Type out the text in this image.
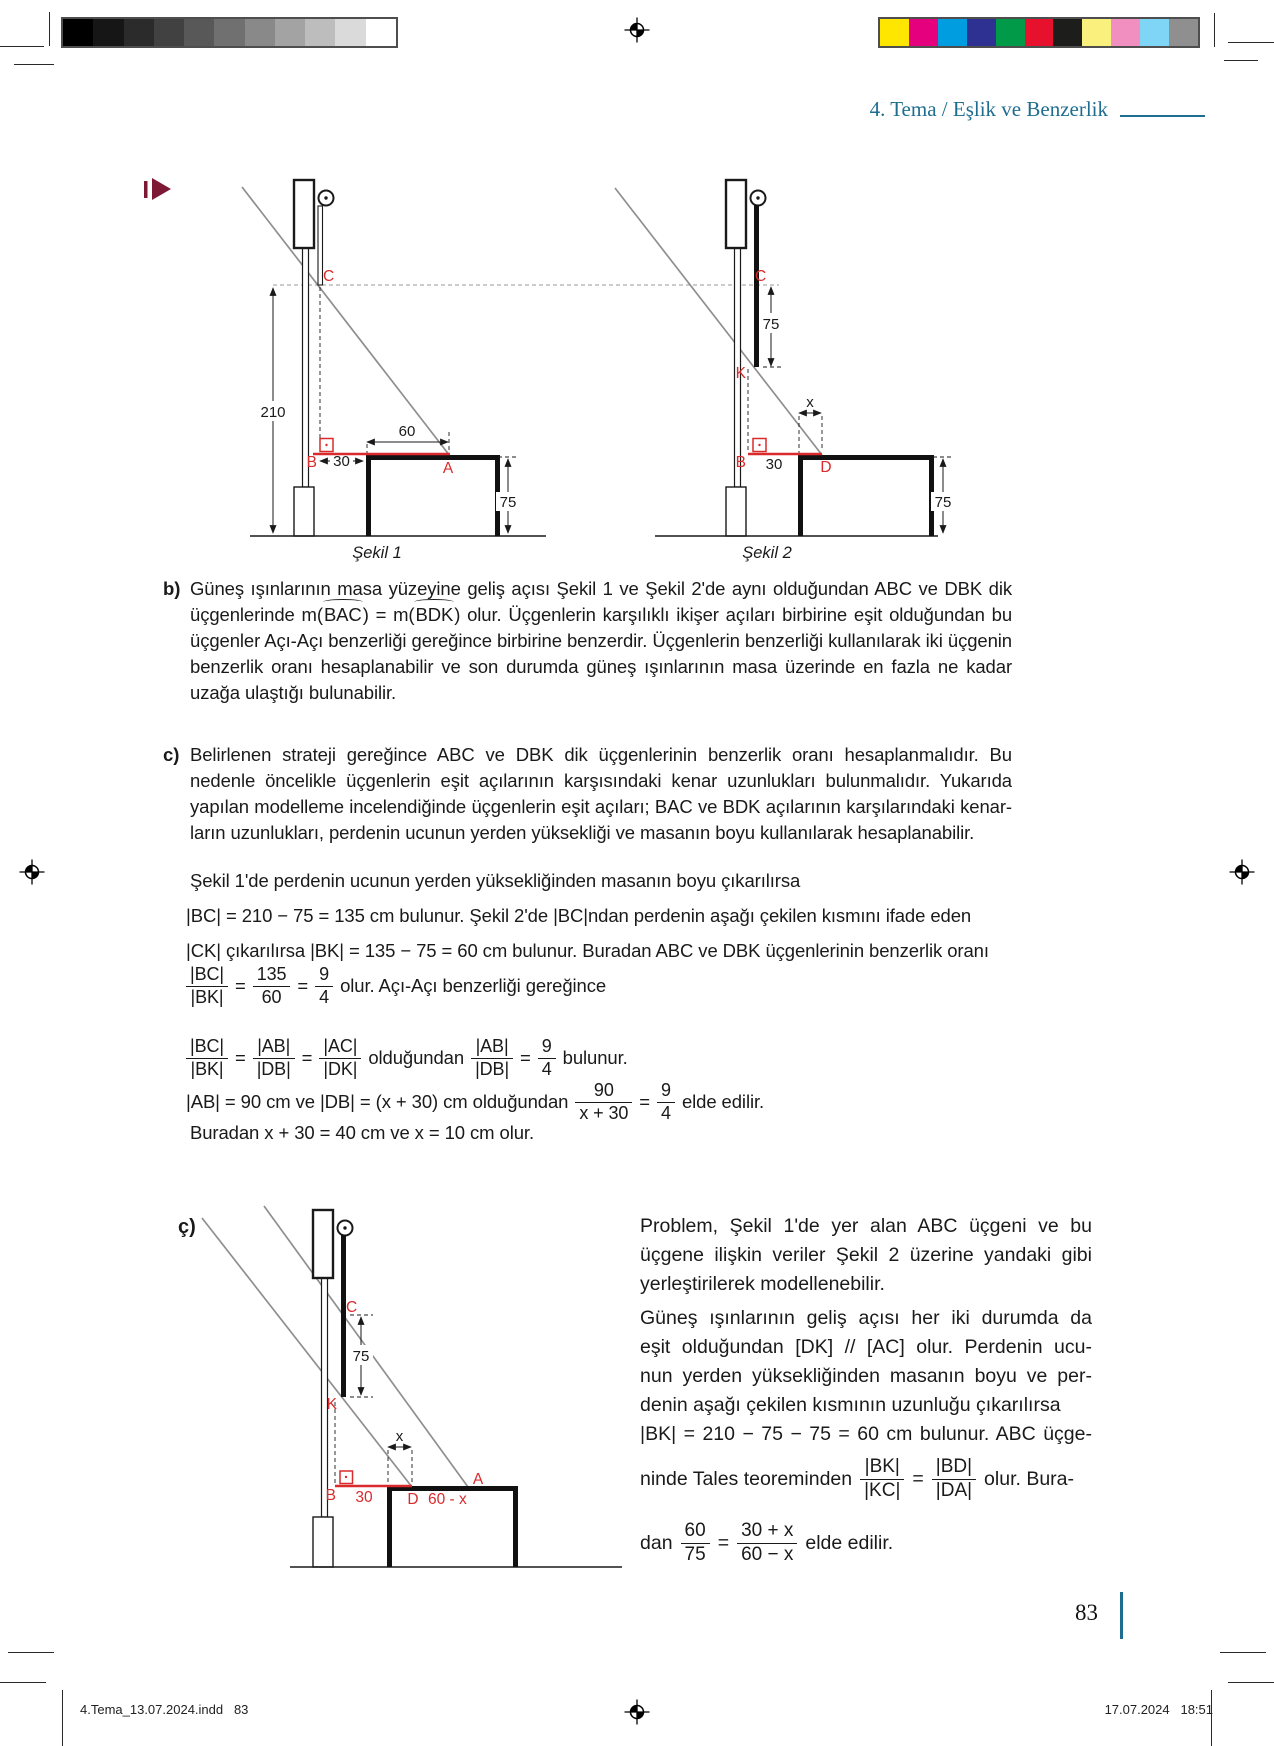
4. Tema / Eşlik ve Benzerlik
210
75
60
30
C
B	A
Şekil 1
75
x
75
C
K
B	D
30
Şekil 2
b) Güneş ışınlarının masa yüzeyine geliş açısı Şekil 1 ve Şekil 2'de aynı olduğundan ABC ve DBK dik
üçgenlerinde m(BAC) = m(BDK) olur. Üçgenlerin karşılıklı ikişer açıları birbirine eşit olduğundan bu
üçgenler Açı-Açı benzerliği gereğince birbirine benzerdir. Üçgenlerin benzerliği kullanılarak iki üçgenin
benzerlik oranı hesaplanabilir ve son durumda güneş ışınlarının masa üzerinde en fazla ne kadar
uzağa ulaştığı bulunabilir.
c) Belirlenen strateji gereğince ABC ve DBK dik üçgenlerinin benzerlik oranı hesaplanmalıdır. Bu
nedenle öncelikle üçgenlerin eşit açılarının karşısındaki kenar uzunlukları bulunmalıdır. Yukarıda
yapılan modelleme incelendiğinde üçgenlerin eşit açıları; BAC ve BDK açılarının karşılarındaki kenar-
ların uzunlukları, perdenin ucunun yerden yüksekliği ve masanın boyu kullanılarak hesaplanabilir.
Şekil 1'de perdenin ucunun yerden yüksekliğinden masanın boyu çıkarılırsa
|BC| = 210 − 75 = 135 cm bulunur. Şekil 2'de |BC|ndan perdenin aşağı çekilen kısmını ifade eden
|CK| çıkarılırsa |BK| = 135 − 75 = 60 cm bulunur. Buradan ABC ve DBK üçgenlerinin benzerlik oranı
$\frac{|BC|}{|BK|} = \frac{135}{60} = \frac{9}{4}$ olur. Açı-Açı benzerliği gereğince
$\frac{|BC|}{|BK|} = \frac{|AB|}{|DB|} = \frac{|AC|}{|DK|}$ olduğundan $\frac{|AB|}{|DB|} = \frac{9}{4}$ bulunur.
|AB| = 90 cm ve |DB| = (x + 30) cm olduğundan $\frac{90}{x + 30} = \frac{9}{4}$ elde edilir.
Buradan x + 30 = 40 cm ve x = 10 cm olur.
ç)
75
x
C
K
B 30 D 60 - x
A
Problem, Şekil 1'de yer alan ABC üçgeni ve bu
üçgene ilişkin veriler Şekil 2 üzerine yandaki gibi
yerleştirilerek modellenebilir.
Güneş ışınlarının geliş açısı her iki durumda da
eşit olduğundan [DK] // [AC] olur. Perdenin ucu-
nun yerden yüksekliğinden masanın boyu ve per-
denin aşağı çekilen kısmının uzunluğu çıkarılırsa
|BK| = 210 − 75 − 75 = 60 cm bulunur. ABC üçge-
ninde Tales teoreminden $\frac{|BK|}{|KC|} = \frac{|BD|}{|DA|}$ olur. Bura-
dan $\frac{60}{75} = \frac{30 + x}{60 - x}$ elde edilir.
83
4.Tema_13.07.2024.indd   83	17.07.2024   18:51
